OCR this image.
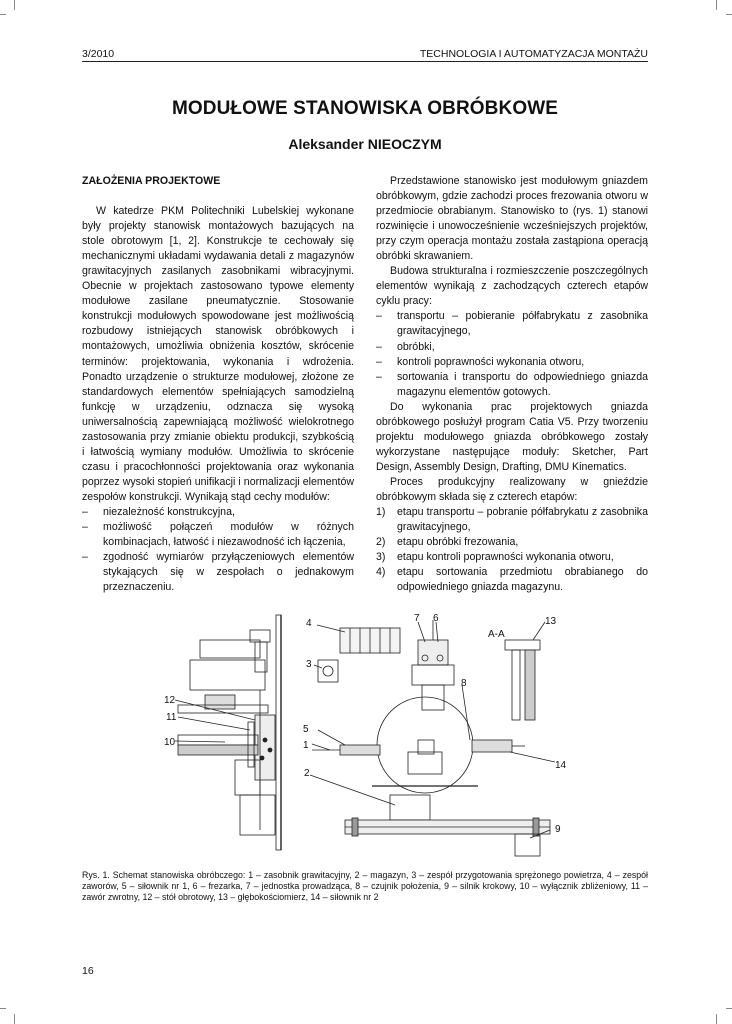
3/2010	TECHNOLOGIA I AUTOMATYZACJA MONTAŻU
MODUŁOWE STANOWISKA OBRÓBKOWE
Aleksander NIEOCZYM
ZAŁOŻENIA PROJEKTOWE

W katedrze PKM Politechniki Lubelskiej wykonane były projekty stanowisk montażowych bazujących na stole obrotowym [1, 2]. Konstrukcje te cechowały się mechanicznymi układami wydawania detali z magazynów grawitacyjnych zasilanych zasobnikami wibracyjnymi. Obecnie w projektach zastosowano typowe elementy modułowe zasilane pneumatycznie. Stosowanie konstrukcji modułowych spowodowane jest możliwością rozbudowy istniejących stanowisk obróbkowych i montażowych, umożliwia obniżenia kosztów, skrócenie terminów: projektowania, wykonania i wdrożenia. Ponadto urządzenie o strukturze modułowej, złożone ze standardowych elementów spełniających samodzielną funkcję w urządzeniu, odznacza się wysoką uniwersalnością zapewniającą możliwość wielokrotnego zastosowania przy zmianie obiektu produkcji, szybkością i łatwością wymiany modułów. Umożliwia to skrócenie czasu i pracochłonności projektowania oraz wykonania poprzez wysoki stopień unifikacji i normalizacji elementów zespołów konstrukcji. Wynikają stąd cechy modułów:

– niezależność konstrukcyjna,
– możliwość połączeń modułów w różnych kombinacjach, łatwość i niezawodność ich łączenia,
– zgodność wymiarów przyłączeniowych elementów stykających się w zespołach o jednakowym przeznaczeniu.

Przedstawione stanowisko jest modułowym gniazdem obróbkowym, gdzie zachodzi proces frezowania otworu w przedmiocie obrabianym. Stanowisko to (rys. 1) stanowi rozwinięcie i unowocześnienie wcześniejszych projektów, przy czym operacja montażu została zastąpiona operacją obróbki skrawaniem.

Budowa strukturalna i rozmieszczenie poszczególnych elementów wynikają z zachodzących czterech etapów cyklu pracy:

– transportu – pobieranie półfabrykatu z zasobnika grawitacyjnego,
– obróbki,
– kontroli poprawności wykonania otworu,
– sortowania i transportu do odpowiedniego gniazda magazynu elementów gotowych.

Do wykonania prac projektowych gniazda obróbkowego posłużył program Catia V5. Przy tworzeniu projektu modułowego gniazda obróbkowego zostały wykorzystane następujące moduły: Sketcher, Part Design, Assembly Design, Drafting, DMU Kinematics.

Proces produkcyjny realizowany w gnieździe obróbkowym składa się z czterech etapów:

1) etapu transportu – pobranie półfabrykatu z zasobnika grawitacyjnego,
2) etapu obróbki frezowania,
3) etapu kontroli poprawności wykonania otworu,
4) etapu sortowania przedmiotu obrabianego do odpowiedniego gniazda magazynu.
4
3
7 6
A-A
13
8
12
11
10
5
1
2
14
9
Rys. 1. Schemat stanowiska obróbczego: 1 – zasobnik grawitacyjny, 2 – magazyn, 3 – zespół przygotowania sprężonego powietrza, 4 – zespół zaworów, 5 – siłownik nr 1, 6 – frezarka, 7 – jednostka prowadząca, 8 – czujnik położenia, 9 – silnik krokowy, 10 – wyłącznik zbliżeniowy, 11 – zawór zwrotny, 12 – stół obrotowy, 13 – głębokościomierz, 14 – siłownik nr 2
16
